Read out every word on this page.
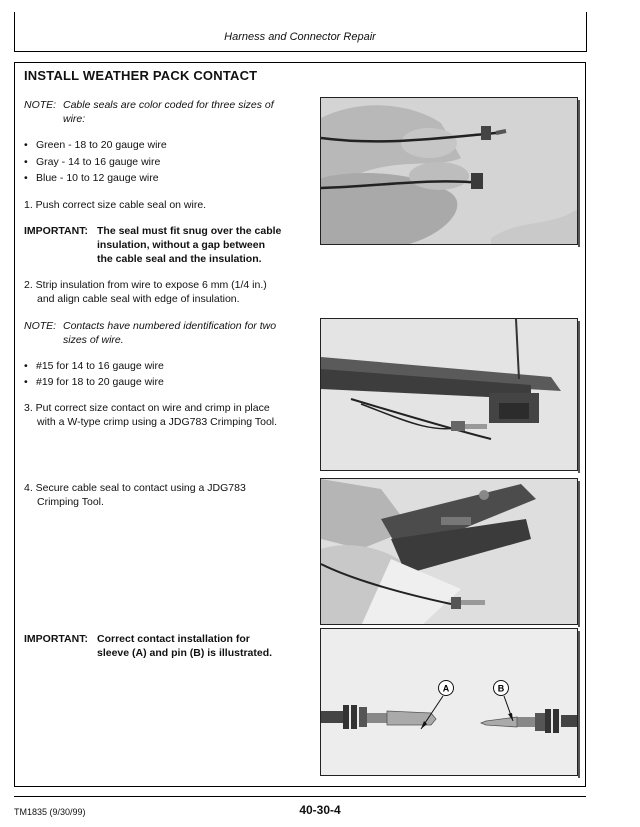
Harness and Connector Repair
INSTALL WEATHER PACK CONTACT
NOTE: Cable seals are color coded for three sizes of
wire:
• Green - 18 to 20 gauge wire
• Gray - 14 to 16 gauge wire
• Blue - 10 to 12 gauge wire
1. Push correct size cable seal on wire.
IMPORTANT: The seal must fit snug over the cable
insulation, without a gap between
the cable seal and the insulation.
2. Strip insulation from wire to expose 6 mm (1/4 in.)
and align cable seal with edge of insulation.
NOTE: Contacts have numbered identification for two
sizes of wire.
• #15 for 14 to 16 gauge wire
• #19 for 18 to 20 gauge wire
3. Put correct size contact on wire and crimp in place
with a W-type crimp using a JDG783 Crimping Tool.
4. Secure cable seal to contact using a JDG783
Crimping Tool.
IMPORTANT: Correct contact installation for
sleeve (A) and pin (B) is illustrated.
A	B
TM1835 (9/30/99)	40-30-4
